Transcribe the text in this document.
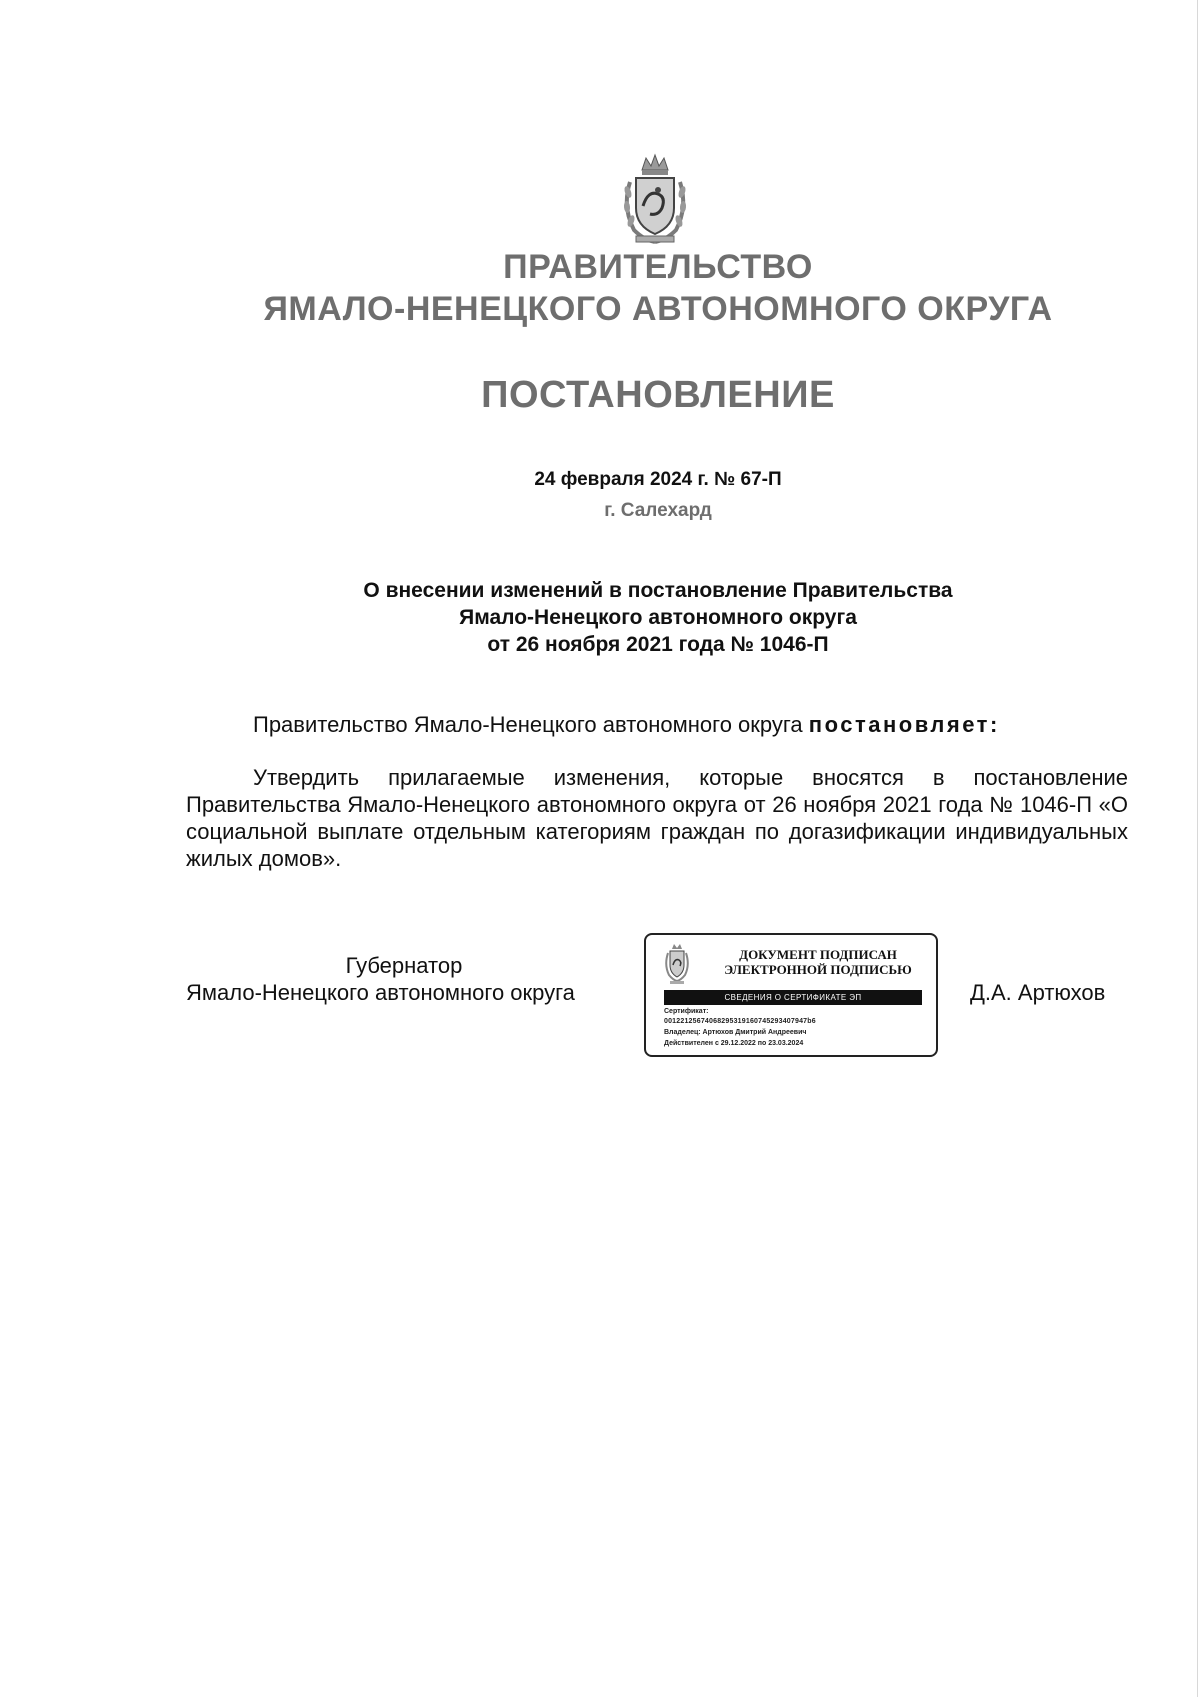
ПРАВИТЕЛЬСТВО
ЯМАЛО-НЕНЕЦКОГО АВТОНОМНОГО ОКРУГА
ПОСТАНОВЛЕНИЕ
24 февраля 2024 г. № 67-П
г. Салехард
О внесении изменений в постановление Правительства
Ямало-Ненецкого автономного округа
от 26 ноября 2021 года № 1046-П
Правительство Ямало-Ненецкого автономного округа постановляет:
Утвердить прилагаемые изменения, которые вносятся в постановление Правительства Ямало-Ненецкого автономного округа от 26 ноября 2021 года № 1046-П «О социальной выплате отдельным категориям граждан по догазификации индивидуальных жилых домов».
Губернатор
Ямало-Ненецкого автономного округа	Д.А. Артюхов
ДОКУМЕНТ ПОДПИСАН
ЭЛЕКТРОННОЙ ПОДПИСЬЮ
СВЕДЕНИЯ О СЕРТИФИКАТЕ ЭП
Сертификат:
00122125674068295319160745293407947b6
Владелец: Артюхов Дмитрий Андреевич
Действителен с 29.12.2022 по 23.03.2024
